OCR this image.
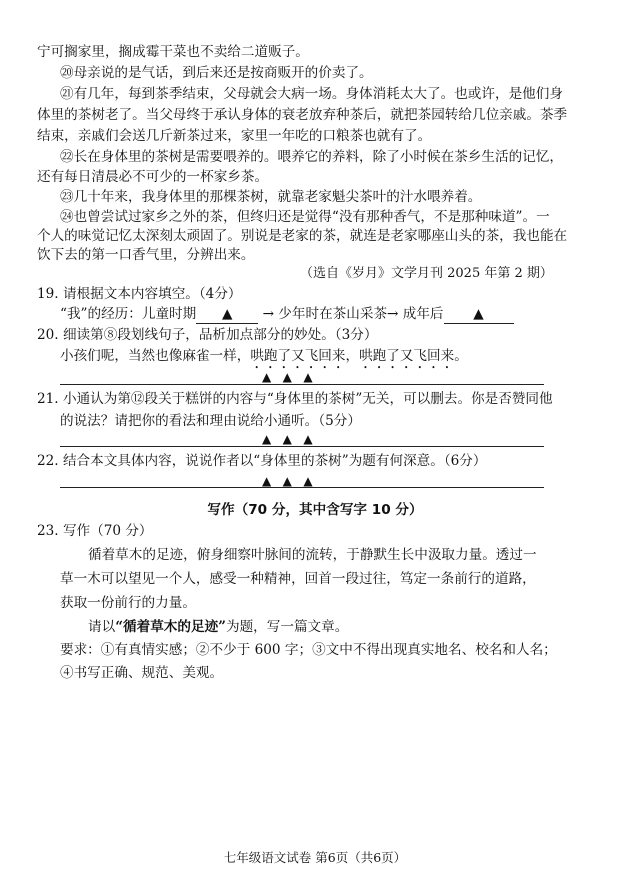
宁可搁家里，搁成霉干菜也不卖给二道贩子。
⑳母亲说的是气话，到后来还是按商贩开的价卖了。
㉑有几年，每到茶季结束，父母就会大病一场。身体消耗太大了。也或许，是他们身
体里的茶树老了。当父母终于承认身体的衰老放弃种茶后，就把茶园转给几位亲戚。茶季
结束，亲戚们会送几斤新茶过来，家里一年吃的口粮茶也就有了。
㉒长在身体里的茶树是需要喂养的。喂养它的养料，除了小时候在茶乡生活的记忆，
还有每日清晨必不可少的一杯家乡茶。
㉓几十年来，我身体里的那棵茶树，就靠老家魁尖茶叶的汁水喂养着。
㉔也曾尝试过家乡之外的茶，但终归还是觉得“没有那种香气，不是那种味道”。一
个人的味觉记忆太深刻太顽固了。别说是老家的茶，就连是老家哪座山头的茶，我也能在
饮下去的第一口香气里，分辨出来。
（选自《岁月》文学月刊 2025 年第 2 期）
19. 请根据文本内容填空。（4分）
“我”的经历：儿童时期 ▲ → 少年时在茶山采茶→ 成年后 ▲
20. 细读第⑧段划线句子，品析加点部分的妙处。（3分）
小孩们呢，当然也像麻雀一样，哄跑了又飞回来，哄跑了又飞回来。
▲   ▲   ▲
21. 小通认为第⑫段关于糕饼的内容与“身体里的茶树”无关，可以删去。你是否赞同他
的说法？请把你的看法和理由说给小通听。（5分）
▲   ▲   ▲
22. 结合本文具体内容，说说作者以“身体里的茶树”为题有何深意。（6分）
▲   ▲   ▲
写作（70 分，其中含写字 10 分）
23. 写作（70 分）
循着草木的足迹，俯身细察叶脉间的流转，于静默生长中汲取力量。透过一
草一木可以望见一个人，感受一种精神，回首一段过往，笃定一条前行的道路，
获取一份前行的力量。
请以“循着草木的足迹”为题，写一篇文章。
要求：①有真情实感；②不少于 600 字；③文中不得出现真实地名、校名和人名；
④书写正确、规范、美观。
七年级语文试卷 第6页（共6页）
